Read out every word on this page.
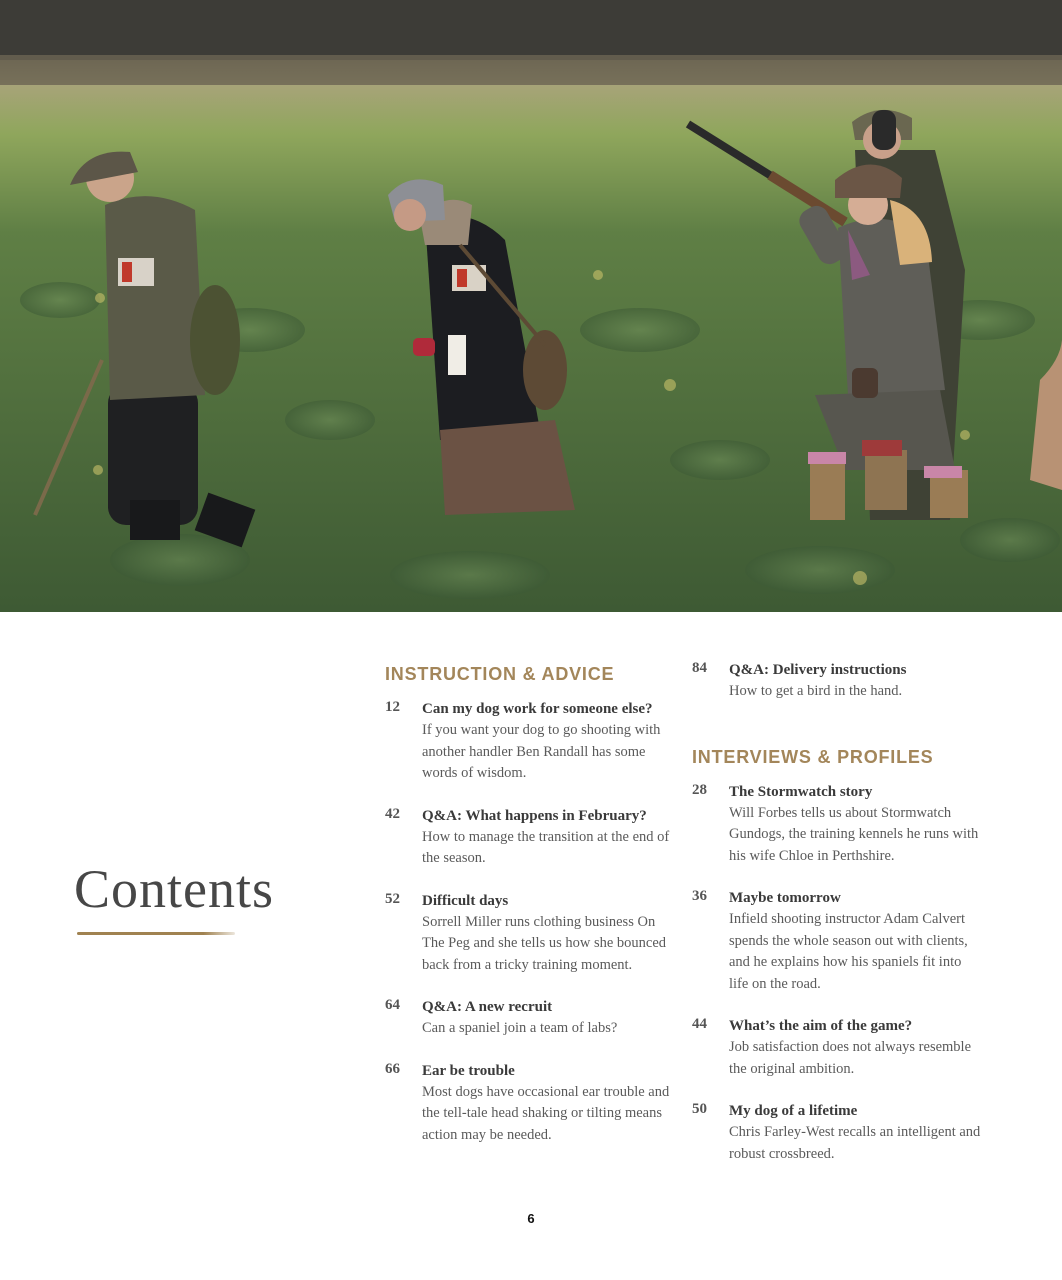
Contents
INSTRUCTION & ADVICE
12 Can my dog work for someone else?
If you want your dog to go shooting with another handler Ben Randall has some words of wisdom.
42 Q&A: What happens in February?
How to manage the transition at the end of the season.
52 Difficult days
Sorrell Miller runs clothing business On The Peg and she tells us how she bounced back from a tricky training moment.
64 Q&A: A new recruit
Can a spaniel join a team of labs?
66 Ear be trouble
Most dogs have occasional ear trouble and the tell-tale head shaking or tilting means action may be needed.
84 Q&A: Delivery instructions
How to get a bird in the hand.
INTERVIEWS & PROFILES
28 The Stormwatch story
Will Forbes tells us about Stormwatch Gundogs, the training kennels he runs with his wife Chloe in Perthshire.
36 Maybe tomorrow
Infield shooting instructor Adam Calvert spends the whole season out with clients, and he explains how his spaniels fit into life on the road.
44 What’s the aim of the game?
Job satisfaction does not always resemble the original ambition.
50 My dog of a lifetime
Chris Farley-West recalls an intelligent and robust crossbreed.
6
